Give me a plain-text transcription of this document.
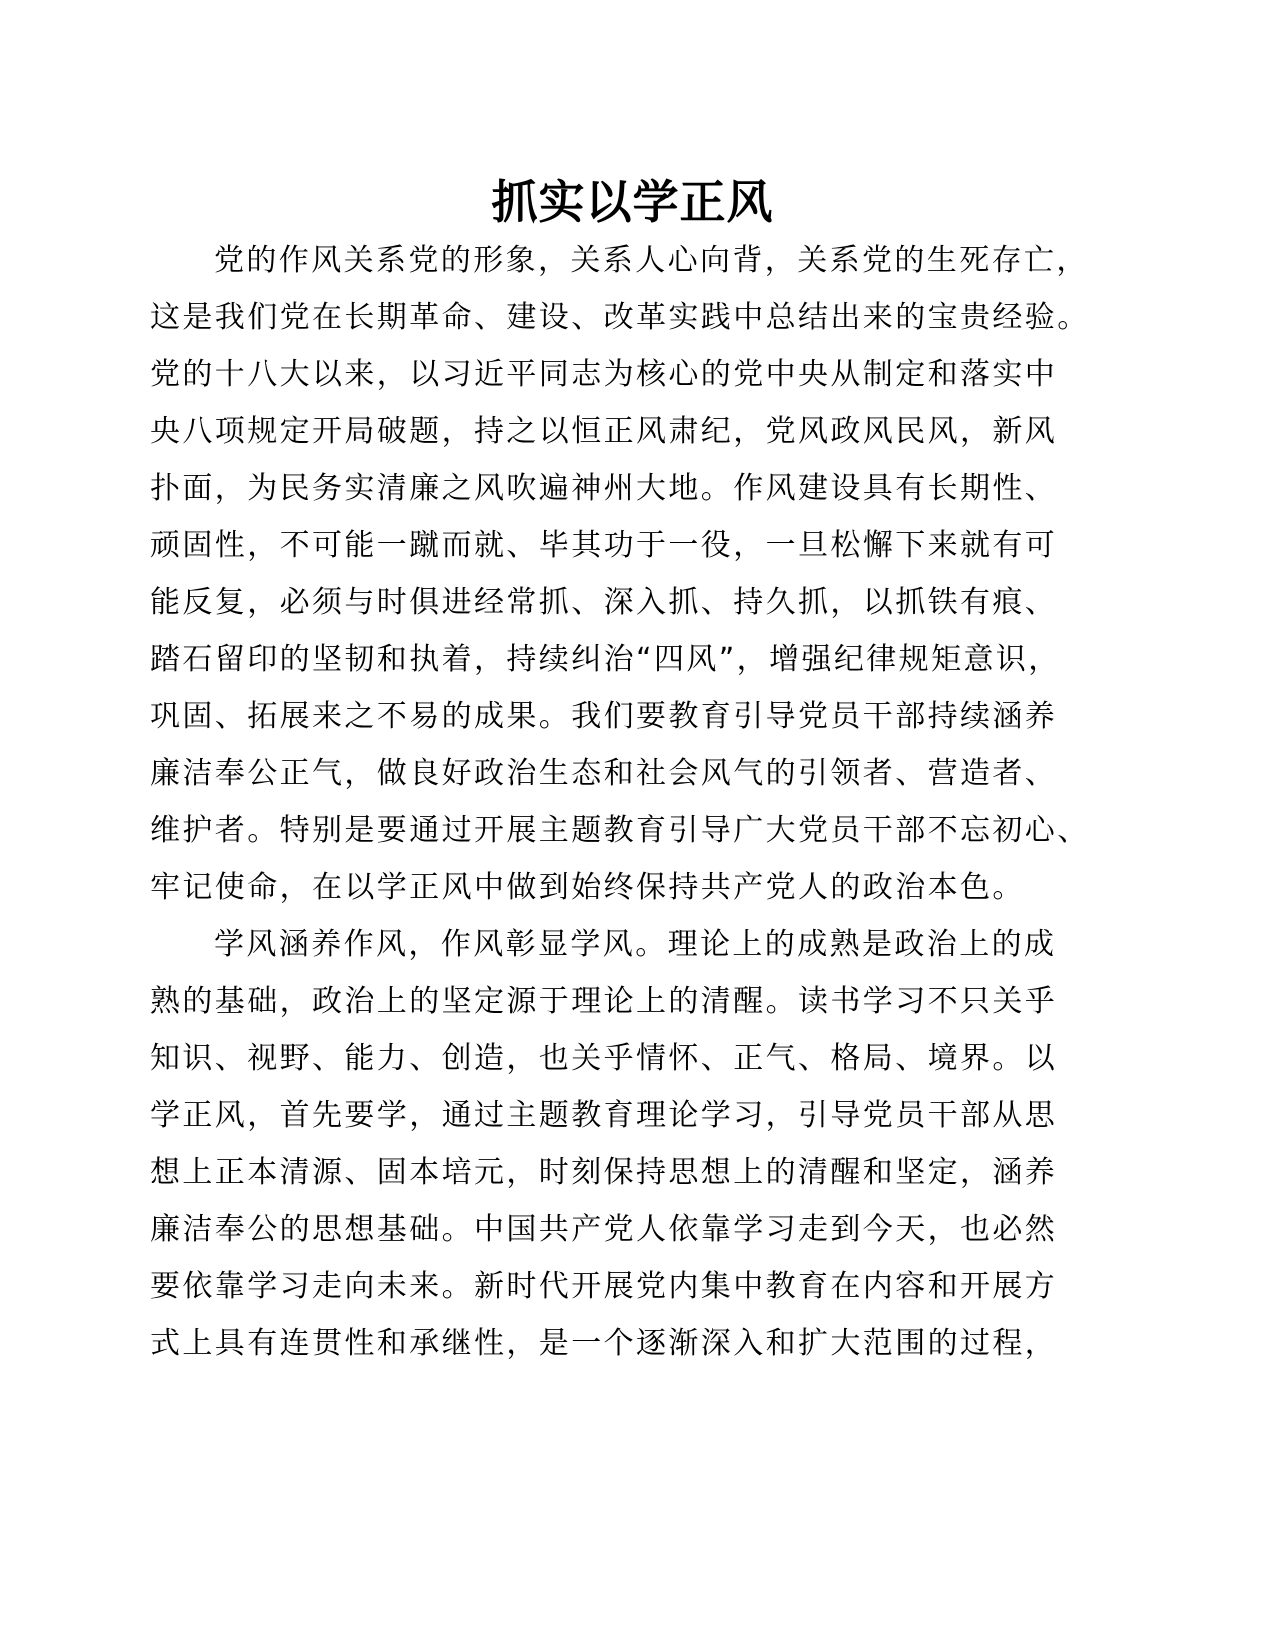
抓实以学正风
党的作风关系党的形象，关系人心向背，关系党的生死存亡，
这是我们党在长期革命、建设、改革实践中总结出来的宝贵经验。
党的十八大以来，以习近平同志为核心的党中央从制定和落实中
央八项规定开局破题，持之以恒正风肃纪，党风政风民风，新风
扑面，为民务实清廉之风吹遍神州大地。作风建设具有长期性、
顽固性，不可能一蹴而就、毕其功于一役，一旦松懈下来就有可
能反复，必须与时俱进经常抓、深入抓、持久抓，以抓铁有痕、
踏石留印的坚韧和执着，持续纠治“四风”，增强纪律规矩意识，
巩固、拓展来之不易的成果。我们要教育引导党员干部持续涵养
廉洁奉公正气，做良好政治生态和社会风气的引领者、营造者、
维护者。特别是要通过开展主题教育引导广大党员干部不忘初心、
牢记使命，在以学正风中做到始终保持共产党人的政治本色。
学风涵养作风，作风彰显学风。理论上的成熟是政治上的成
熟的基础，政治上的坚定源于理论上的清醒。读书学习不只关乎
知识、视野、能力、创造，也关乎情怀、正气、格局、境界。以
学正风，首先要学，通过主题教育理论学习，引导党员干部从思
想上正本清源、固本培元，时刻保持思想上的清醒和坚定，涵养
廉洁奉公的思想基础。中国共产党人依靠学习走到今天，也必然
要依靠学习走向未来。新时代开展党内集中教育在内容和开展方
式上具有连贯性和承继性，是一个逐渐深入和扩大范围的过程，
